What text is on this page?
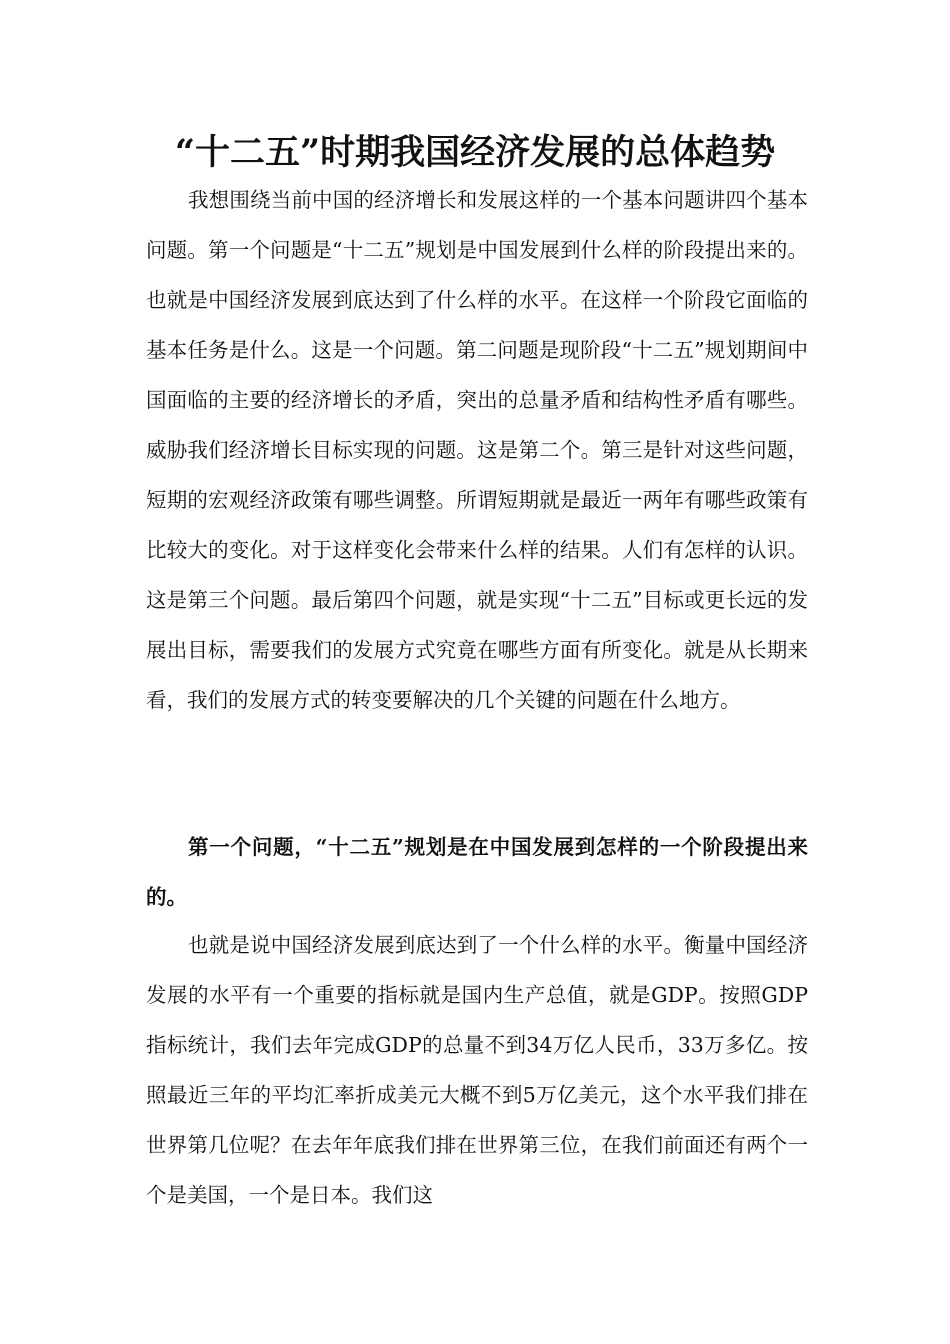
“十二五”时期我国经济发展的总体趋势

我想围绕当前中国的经济增长和发展这样的一个基本问题讲四个基本问题。第一个问题是“十二五”规划是中国发展到什么样的阶段提出来的。也就是中国经济发展到底达到了什么样的水平。在这样一个阶段它面临的基本任务是什么。这是一个问题。第二问题是现阶段“十二五”规划期间中国面临的主要的经济增长的矛盾，突出的总量矛盾和结构性矛盾有哪些。威胁我们经济增长目标实现的问题。这是第二个。第三是针对这些问题，短期的宏观经济政策有哪些调整。所谓短期就是最近一两年有哪些政策有比较大的变化。对于这样变化会带来什么样的结果。人们有怎样的认识。这是第三个问题。最后第四个问题，就是实现“十二五”目标或更长远的发展出目标，需要我们的发展方式究竟在哪些方面有所变化。就是从长期来看，我们的发展方式的转变要解决的几个关键的问题在什么地方。

第一个问题，“十二五”规划是在中国发展到怎样的一个阶段提出来的。

也就是说中国经济发展到底达到了一个什么样的水平。衡量中国经济发展的水平有一个重要的指标就是国内生产总值，就是GDP。按照GDP指标统计，我们去年完成GDP的总量不到34万亿人民币，33万多亿。按照最近三年的平均汇率折成美元大概不到5万亿美元，这个水平我们排在世界第几位呢？在去年年底我们排在世界第三位，在我们前面还有两个一个是美国，一个是日本。我们这
